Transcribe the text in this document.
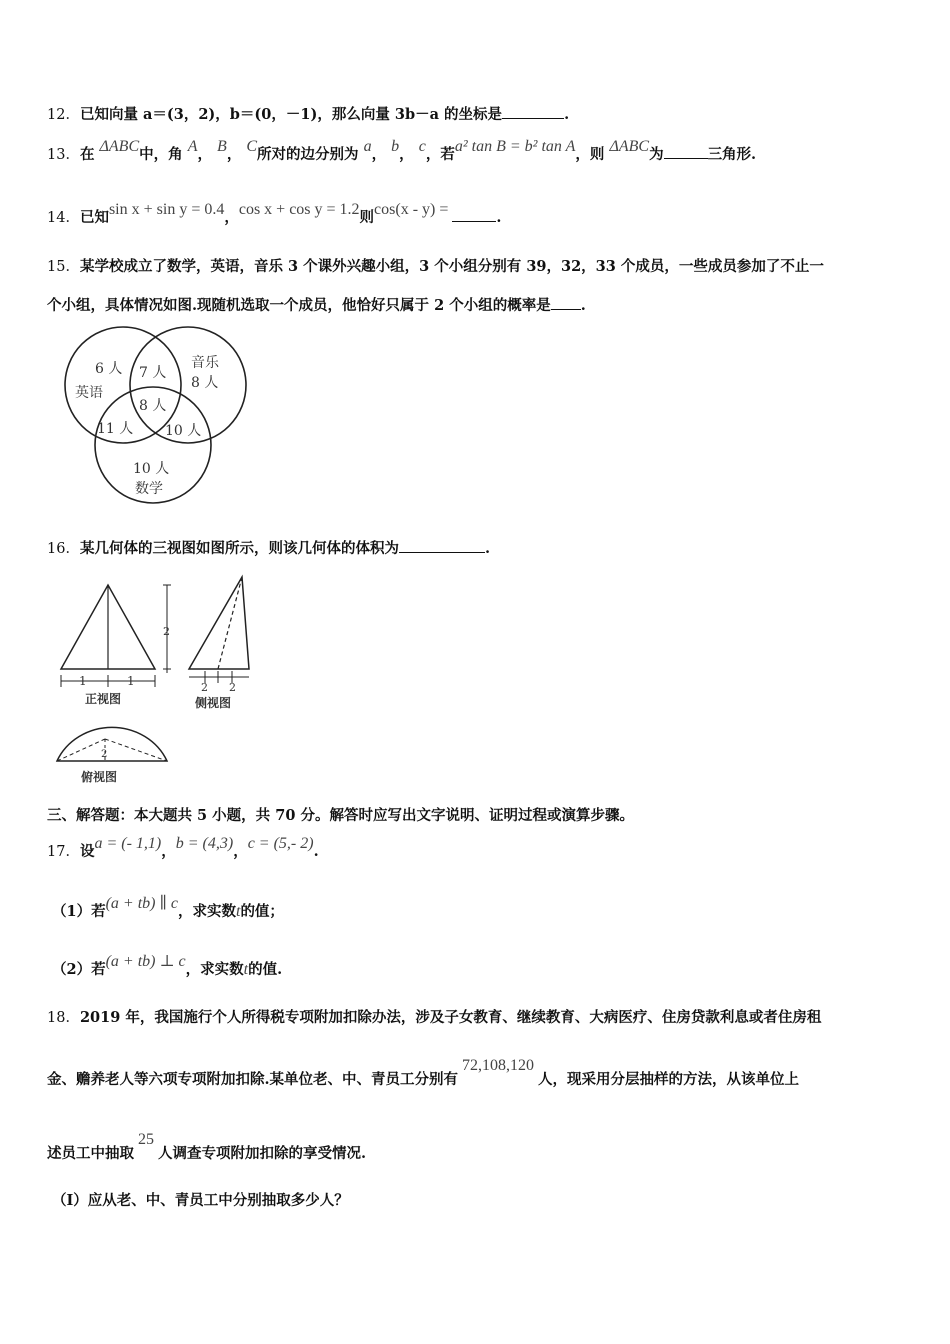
12．已知向量 a＝(3，2)，b＝(0，－1)，那么向量 3b－a 的坐标是	.
13．在 ΔABC中，角 A， B， C所对的边分别为 a， b， c，若a² tan B = b² tan A，则 ΔABC为	三角形.
14．已知sin x + sin y = 0.4，cos x + cos y = 1.2则cos(x - y) =	.
15．某学校成立了数学，英语，音乐 3 个课外兴趣小组，3 个小组分别有 39，32，33 个成员，一些成员参加了不止一
个小组，具体情况如图.现随机选取一个成员，他恰好只属于 2 个小组的概率是 .
6 人
英语
音乐
8 人
7 人
8 人
11 人 10 人
10 人
数学
16．某几何体的三视图如图所示，则该几何体的体积为	.
2
1	1
正视图
2 2
侧视图
2
俯视图
三、解答题：本大题共 5 小题，共 70 分。解答时应写出文字说明、证明过程或演算步骤。
17．设a = (- 1,1)，b = (4,3)，c = (5,- 2).
（1）若(a + tb) ∥ c，求实数t的值；
（2）若(a + tb) ⊥ c，求实数t的值.
18．2019 年，我国施行个人所得税专项附加扣除办法，涉及子女教育、继续教育、大病医疗、住房贷款利息或者住房租
金、赡养老人等六项专项附加扣除.某单位老、中、青员工分别有72,108,120人，现采用分层抽样的方法，从该单位上
述员工中抽取25人调查专项附加扣除的享受情况.
（Ⅰ）应从老、中、青员工中分别抽取多少人？
